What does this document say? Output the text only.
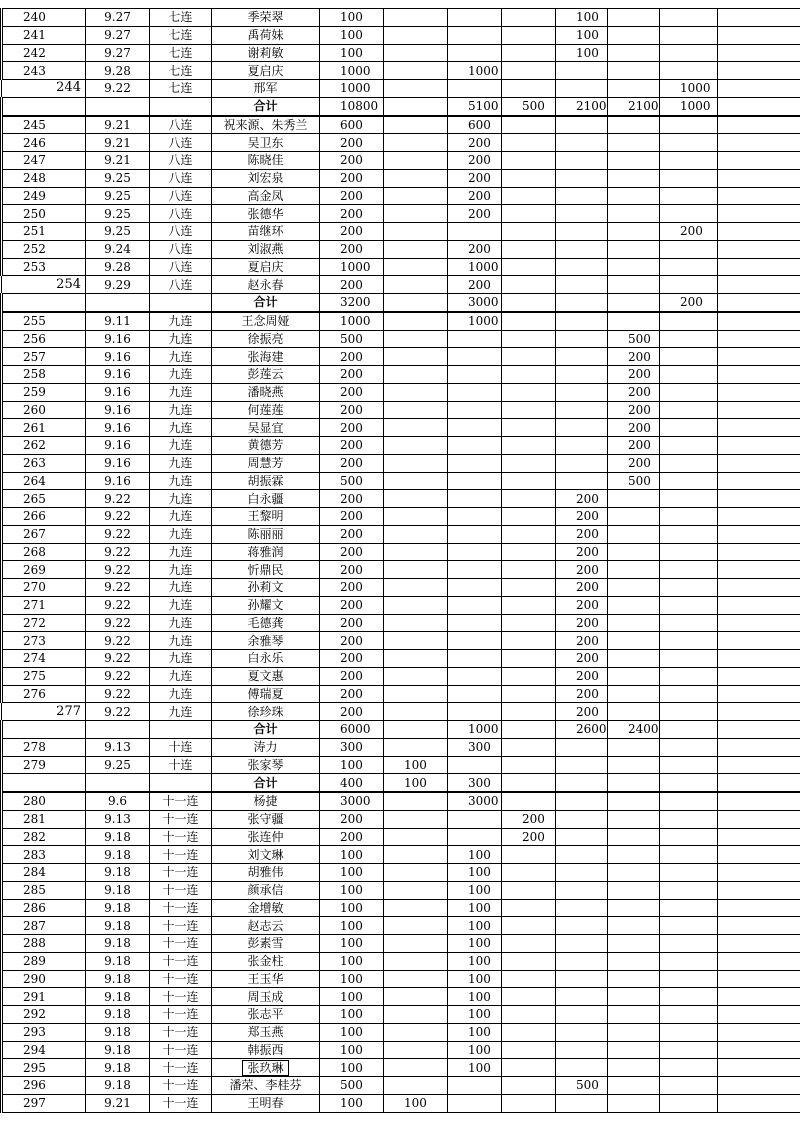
240	9.27	七连	季荣翠	100				100				
241	9.27	七连	禹荷妹	100				100				
242	9.27	七连	谢莉敏	100				100				
243	9.28	七连	夏启庆	1000		1000						
244	9.22	七连	邢军	1000						1000		
			合计	10800		5100	500	2100	2100	1000		
245	9.21	八连	祝来源、朱秀兰	600		600						
246	9.21	八连	吴卫东	200		200						
247	9.21	八连	陈晓佳	200		200						
248	9.25	八连	刘宏泉	200		200						
249	9.25	八连	高金凤	200		200						
250	9.25	八连	张德华	200		200						
251	9.25	八连	苗继环	200						200		
252	9.24	八连	刘淑燕	200		200						
253	9.28	八连	夏启庆	1000		1000						
254	9.29	八连	赵永春	200		200						
			合计	3200		3000				200		
255	9.11	九连	王念周娅	1000		1000						
256	9.16	九连	徐振亮	500					500			
257	9.16	九连	张海建	200					200			
258	9.16	九连	彭莲云	200					200			
259	9.16	九连	潘晓燕	200					200			
260	9.16	九连	何莲莲	200					200			
261	9.16	九连	吴显宜	200					200			
262	9.16	九连	黄德芳	200					200			
263	9.16	九连	周慧芳	200					200			
264	9.16	九连	胡振霖	500					500			
265	9.22	九连	白永疆	200				200				
266	9.22	九连	王黎明	200				200				
267	9.22	九连	陈丽丽	200				200				
268	9.22	九连	蒋雅润	200				200				
269	9.22	九连	忻鼎民	200				200				
270	9.22	九连	孙莉文	200				200				
271	9.22	九连	孙耀文	200				200				
272	9.22	九连	毛德龚	200				200				
273	9.22	九连	余雅琴	200				200				
274	9.22	九连	白永乐	200				200				
275	9.22	九连	夏文惠	200				200				
276	9.22	九连	傅瑞夏	200				200				
277	9.22	九连	徐珍珠	200				200				
			合计	6000		1000		2600	2400			
278	9.13	十连	涛力	300		300						
279	9.25	十连	张家琴	100	100							
			合计	400	100	300						
280	9.6	十一连	杨捷	3000		3000						
281	9.13	十一连	张守疆	200			200					
282	9.18	十一连	张连仲	200			200					
283	9.18	十一连	刘文琳	100		100						
284	9.18	十一连	胡雅伟	100		100						
285	9.18	十一连	颜承信	100		100						
286	9.18	十一连	金增敏	100		100						
287	9.18	十一连	赵志云	100		100						
288	9.18	十一连	彭素雪	100		100						
289	9.18	十一连	张金柱	100		100						
290	9.18	十一连	王玉华	100		100						
291	9.18	十一连	周玉成	100		100						
292	9.18	十一连	张志平	100		100						
293	9.18	十一连	郑玉燕	100		100						
294	9.18	十一连	韩振西	100		100						
295	9.18	十一连	张玖琳	100		100						
296	9.18	十一连	潘荣、李桂芬	500				500				
297	9.21	十一连	王明春	100	100							
